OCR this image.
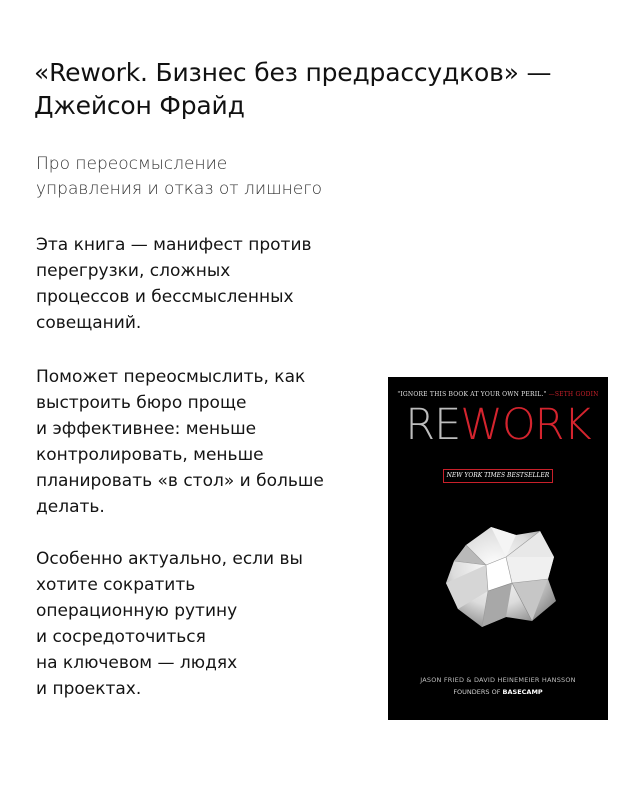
«Rework. Бизнес без предрассудков» —
Джейсон Фрайд

Про переосмысление
управления и отказ от лишнего

Эта книга — манифест против
перегрузки, сложных
процессов и бессмысленных
совещаний.

Поможет переосмыслить, как
выстроить бюро проще
и эффективнее: меньше
контролировать, меньше
планировать «в стол» и больше
делать.

Особенно актуально, если вы
хотите сократить
операционную рутину
и сосредоточиться
на ключевом — людях
и проектах.

"IGNORE THIS BOOK AT YOUR OWN PERIL." —SETH GODIN
REWORK
NEW YORK TIMES BESTSELLER
JASON FRIED & DAVID HEINEMEIER HANSSON
FOUNDERS OF BASECAMP
